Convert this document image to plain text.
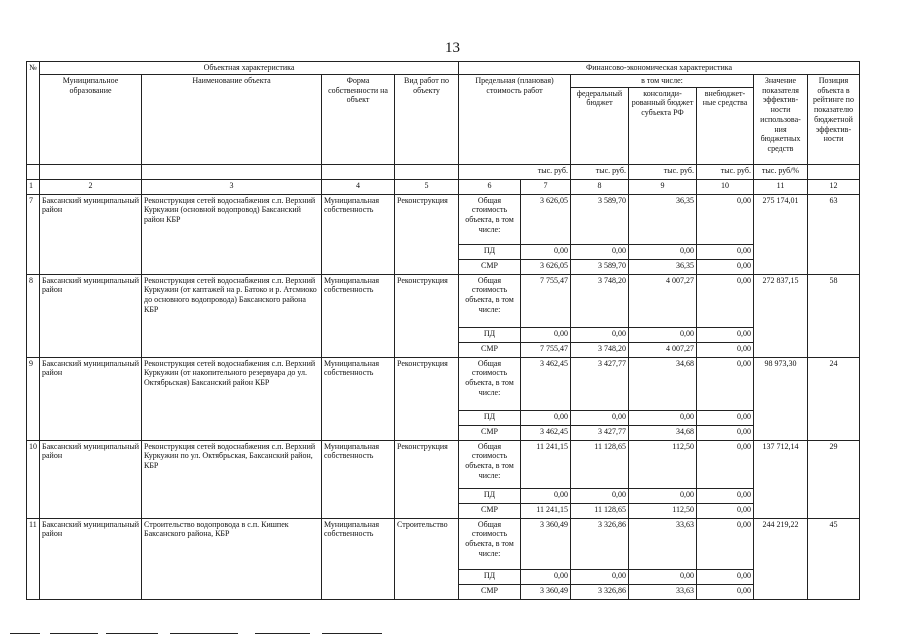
13
№	Объектная характеристика				Финансово-экономическая характеристика						
	Муниципальное образование	Наименование объекта	Форма собственности на объект	Вид работ по объекту	Предельная (плановая) стоимость работ		в том числе:			Значение показателя эффектив-ности использова-ния бюджетных средств	Позиция объекта в рейтинге по показателю бюджетной эффектив-ности
							федеральный бюджет	консолиди-рованный бюджет субъекта РФ	внебюджет-ные средства		
					тыс. руб.		тыс. руб.	тыс. руб.	тыс. руб.	тыс. руб/%	
1	2	3	4	5	6	7	8	9	10	11	12
7	Баксанский муниципальный район	Реконструкция сетей водоснабжения с.п. Верхний Куркужин (основной водопровод) Баксанский район КБР	Муниципальная собственность	Реконструкция	Общая стоимость объекта, в том числе:	3 626,05	3 589,70	36,35	0,00	275 174,01	63
					ПД	0,00	0,00	0,00	0,00		
					СМР	3 626,05	3 589,70	36,35	0,00		
8	Баксанский муниципальный район	Реконструкция сетей водоснабжения с.п. Верхний Куркужин (от каптажей на р. Батоко и р. Атсмиоко до основного водопровода) Баксанского района КБР	Муниципальная собственность	Реконструкция	Общая стоимость объекта, в том числе:	7 755,47	3 748,20	4 007,27	0,00	272 837,15	58
					ПД	0,00	0,00	0,00	0,00		
					СМР	7 755,47	3 748,20	4 007,27	0,00		
9	Баксанский муниципальный район	Реконструкция сетей водоснабжения с.п. Верхний Куркужин (от накопительного резервуара до ул. Октябрьская) Баксанский район КБР	Муниципальная собственность	Реконструкция	Общая стоимость объекта, в том числе:	3 462,45	3 427,77	34,68	0,00	98 973,30	24
					ПД	0,00	0,00	0,00	0,00		
					СМР	3 462,45	3 427,77	34,68	0,00		
10	Баксанский муниципальный район	Реконструкция сетей водоснабжения с.п. Верхний Куркужин по ул. Октябрьская, Баксанский район, КБР	Муниципальная собственность	Реконструкция	Общая стоимость объекта, в том числе:	11 241,15	11 128,65	112,50	0,00	137 712,14	29
					ПД	0,00	0,00	0,00	0,00		
					СМР	11 241,15	11 128,65	112,50	0,00		
11	Баксанский муниципальный район	Строительство водопровода в с.п. Кишпек Баксанского района, КБР	Муниципальная собственность	Строительство	Общая стоимость объекта, в том числе:	3 360,49	3 326,86	33,63	0,00	244 219,22	45
					ПД	0,00	0,00	0,00	0,00		
					СМР	3 360,49	3 326,86	33,63	0,00		
